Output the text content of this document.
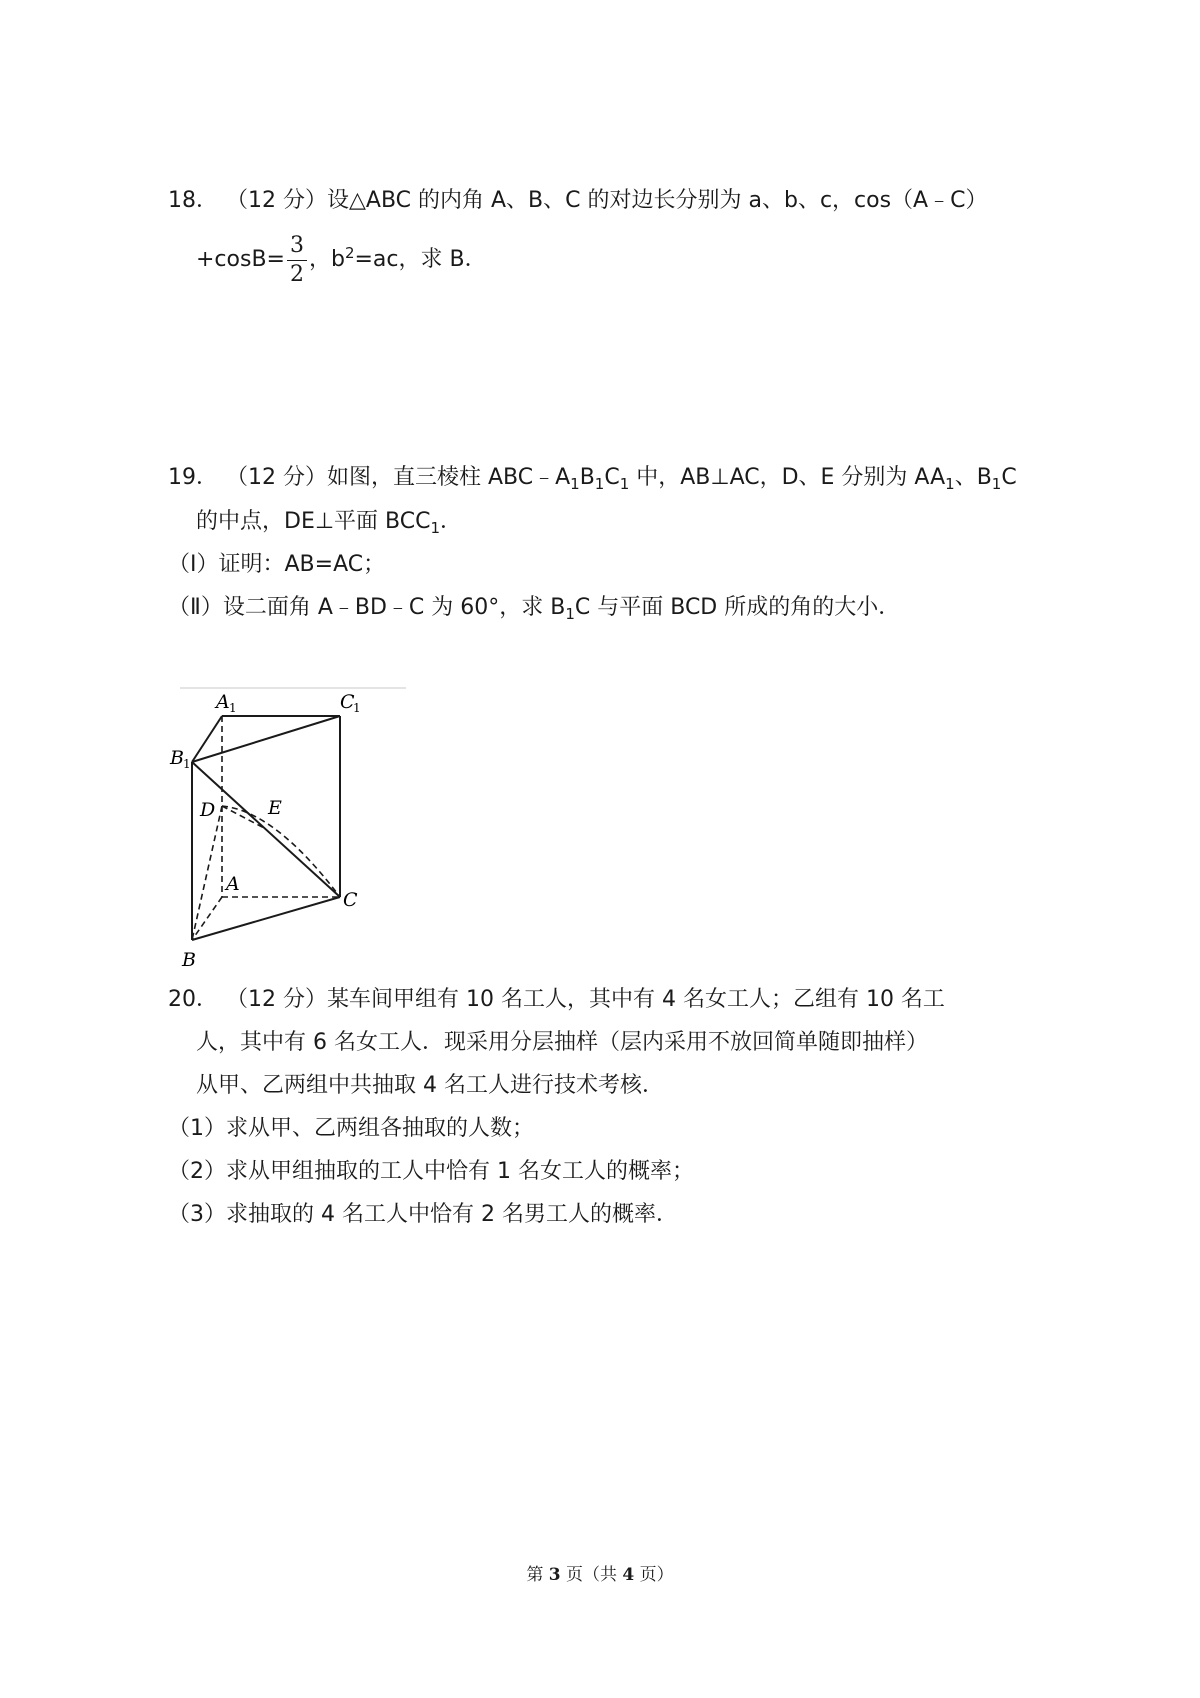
18． （12 分）设△ABC 的内角 A、B、C 的对边长分别为 a、b、c，cos（A﹣C）
$+\cos B= \frac{3}{2}$ ，$b^2=ac$，求 B．
19． （12 分）如图，直三棱柱 $ABC﹣A_1B_1C_1$ 中，AB⊥AC，D、E 分别为 $AA_1$、$B_1C$
的中点，DE⊥平面 $BCC_1$．
（Ⅰ）证明：AB=AC；
（Ⅱ）设二面角 A﹣BD﹣C 为 60°，求 $B_1C$ 与平面 BCD 所成的角的大小．
A 1	C
1
B 1
D	E
A
C
B
20． （12 分）某车间甲组有 10 名工人，其中有 4 名女工人；乙组有 10 名工
人，其中有 6 名女工人．现采用分层抽样（层内采用不放回简单随即抽样）
从甲、乙两组中共抽取 4 名工人进行技术考核．
（1）求从甲、乙两组各抽取的人数；
（2）求从甲组抽取的工人中恰有 1 名女工人的概率；
（3）求抽取的 4 名工人中恰有 2 名男工人的概率．
第 3 页（共 4 页）
